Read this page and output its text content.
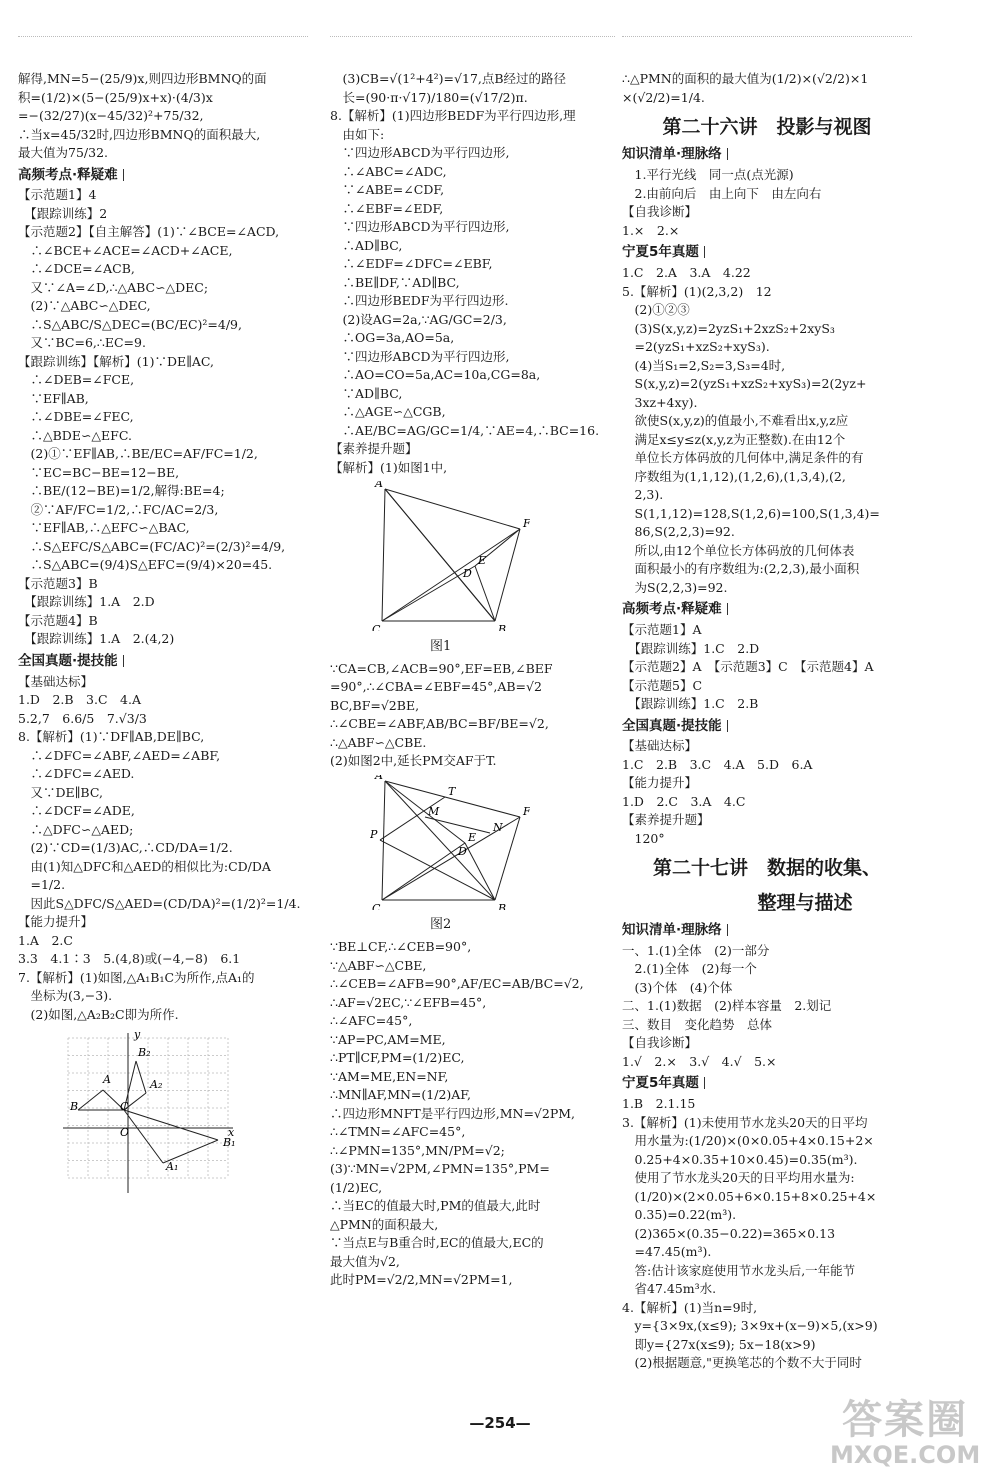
解得,MN=5−(25/9)x,则四边形BMNQ的面
积=(1/2)×(5−(25/9)x+x)·(4/3)x
=−(32/27)(x−45/32)²+75/32,
∴当x=45/32时,四边形BMNQ的面积最大,
最大值为75/32.
高频考点·释疑难
【示范题1】4
　【跟踪训练】2
【示范题2】【自主解答】(1)∵∠BCE=∠ACD,
　∴∠BCE+∠ACE=∠ACD+∠ACE,
　∴∠DCE=∠ACB,
　又∵∠A=∠D,∴△ABC∽△DEC;
　(2)∵△ABC∽△DEC,
　∴S△ABC/S△DEC=(BC/EC)²=4/9,
　又∵BC=6,∴EC=9.
【跟踪训练】【解析】(1)∵DE∥AC,
　∴∠DEB=∠FCE,
　∵EF∥AB,
　∴∠DBE=∠FEC,
　∴△BDE∽△EFC.
　(2)①∵EF∥AB,∴BE/EC=AF/FC=1/2,
　∵EC=BC−BE=12−BE,
　∴BE/(12−BE)=1/2,解得:BE=4;
　②∵AF/FC=1/2,∴FC/AC=2/3,
　∵EF∥AB,∴△EFC∽△BAC,
　∴S△EFC/S△ABC=(FC/AC)²=(2/3)²=4/9,
　∴S△ABC=(9/4)S△EFC=(9/4)×20=45.
【示范题3】B
　【跟踪训练】1.A　2.D
【示范题4】B
　【跟踪训练】1.A　2.(4,2)
全国真题·提技能
【基础达标】
1.D　2.B　3.C　4.A
5.2,7　6.6/5　7.√3/3
8.【解析】(1)∵DF∥AB,DE∥BC,
　∴∠DFC=∠ABF,∠AED=∠ABF,
　∴∠DFC=∠AED.
　又∵DE∥BC,
　∴∠DCF=∠ADE,
　∴△DFC∽△AED;
　(2)∵CD=(1/3)AC,∴CD/DA=1/2.
　由(1)知△DFC和△AED的相似比为:CD/DA
　=1/2.
　因此S△DFC/S△AED=(CD/DA)²=(1/2)²=1/4.
【能力提升】
1.A　2.C
3.3　4.1∶3　5.(4,8)或(−4,−8)　6.1
7.【解析】(1)如图,△A₁B₁C为所作,点A₁的
　坐标为(3,−3).
　(2)如图,△A₂B₂C即为所作.
y
B₂
A	A₂
B	C
O	x
B₁
A₁
　(3)CB=√(1²+4²)=√17,点B经过的路径
　长=(90·π·√17)/180=(√17/2)π.
8.【解析】(1)四边形BEDF为平行四边形,理
　由如下:
　∵四边形ABCD为平行四边形,
　∴∠ABC=∠ADC,
　∵∠ABE=∠CDF,
　∴∠EBF=∠EDF,
　∵四边形ABCD为平行四边形,
　∴AD∥BC,
　∴∠EDF=∠DFC=∠EBF,
　∴BE∥DF,∵AD∥BC,
　∴四边形BEDF为平行四边形.
　(2)设AG=2a,∵AG/GC=2/3,
　∴OG=3a,AO=5a,
　∵四边形ABCD为平行四边形,
　∴AO=CO=5a,AC=10a,CG=8a,
　∵AD∥BC,
　∴△AGE∽△CGB,
　∴AE/BC=AG/GC=1/4,∵AE=4,∴BC=16.
【素养提升题】
【解析】(1)如图1中,
A
F
E
D
C	B
图1
∵CA=CB,∠ACB=90°,EF=EB,∠BEF
=90°,∴∠CBA=∠EBF=45°,AB=√2
BC,BF=√2BE,
∴∠CBE=∠ABF,AB/BC=BF/BE=√2,
∴△ABF∽△CBE.
(2)如图2中,延长PM交AF于T.
A
T
F
M
P	E
D
N
C	B
图2
∵BE⊥CF,∴∠CEB=90°,
∵△ABF∽△CBE,
∴∠CEB=∠AFB=90°,AF/EC=AB/BC=√2,
∴AF=√2EC,∵∠EFB=45°,
∴∠AFC=45°,
∵AP=PC,AM=ME,
∴PT∥CF,PM=(1/2)EC,
∵AM=ME,EN=NF,
∴MN∥AF,MN=(1/2)AF,
∴四边形MNFT是平行四边形,MN=√2PM,
∴∠TMN=∠AFC=45°,
∴∠PMN=135°,MN/PM=√2;
(3)∵MN=√2PM,∠PMN=135°,PM=
(1/2)EC,
∴当EC的值最大时,PM的值最大,此时
△PMN的面积最大,
∵当点E与B重合时,EC的值最大,EC的
最大值为√2,
此时PM=√2/2,MN=√2PM=1,
∴△PMN的面积的最大值为(1/2)×(√2/2)×1
×(√2/2)=1/4.
第二十六讲　投影与视图
知识清单·理脉络
　1.平行光线　同一点(点光源)
　2.由前向后　由上向下　由左向右
【自我诊断】
1.×　2.×
宁夏5年真题
1.C　2.A　3.A　4.22
5.【解析】(1)(2,3,2)　12
　(2)①②③
　(3)S(x,y,z)=2yzS₁+2xzS₂+2xyS₃
　=2(yzS₁+xzS₂+xyS₃).
　(4)当S₁=2,S₂=3,S₃=4时,
　S(x,y,z)=2(yzS₁+xzS₂+xyS₃)=2(2yz+
　3xz+4xy).
　欲使S(x,y,z)的值最小,不难看出x,y,z应
　满足x≤y≤z(x,y,z为正整数).在由12个
　单位长方体码放的几何体中,满足条件的有
　序数组为(1,1,12),(1,2,6),(1,3,4),(2,
　2,3).
　S(1,1,12)=128,S(1,2,6)=100,S(1,3,4)=
　86,S(2,2,3)=92.
　所以,由12个单位长方体码放的几何体表
　面积最小的有序数组为:(2,2,3),最小面积
　为S(2,2,3)=92.
高频考点·释疑难
【示范题1】A
　【跟踪训练】1.C　2.D
【示范题2】A　【示范题3】C　【示范题4】A
【示范题5】C
　【跟踪训练】1.C　2.B
全国真题·提技能
【基础达标】
1.C　2.B　3.C　4.A　5.D　6.A
【能力提升】
1.D　2.C　3.A　4.C
【素养提升题】
　120°
第二十七讲　数据的收集、
　　　　整理与描述
知识清单·理脉络
一、1.(1)全体　(2)一部分
　2.(1)全体　(2)每一个
　(3)个体　(4)个体
二、1.(1)数据　(2)样本容量　2.划记
三、数目　变化趋势　总体
【自我诊断】
1.√　2.×　3.√　4.√　5.×
宁夏5年真题
1.B　2.1.15
3.【解析】(1)未使用节水龙头20天的日平均
　用水量为:(1/20)×(0×0.05+4×0.15+2×
　0.25+4×0.35+10×0.45)=0.35(m³).
　使用了节水龙头20天的日平均用水量为:
　(1/20)×(2×0.05+6×0.15+8×0.25+4×
　0.35)=0.22(m³).
　(2)365×(0.35−0.22)=365×0.13
　=47.45(m³).
　答:估计该家庭使用节水龙头后,一年能节
　省47.45m³水.
4.【解析】(1)当n=9时,
　y={3×9x,(x≤9); 3×9x+(x−9)×5,(x>9)
　即y={27x(x≤9); 5x−18(x>9)
　(2)根据题意,"更换笔芯的个数不大于同时
—254—	答案圈
MXQE.COM
